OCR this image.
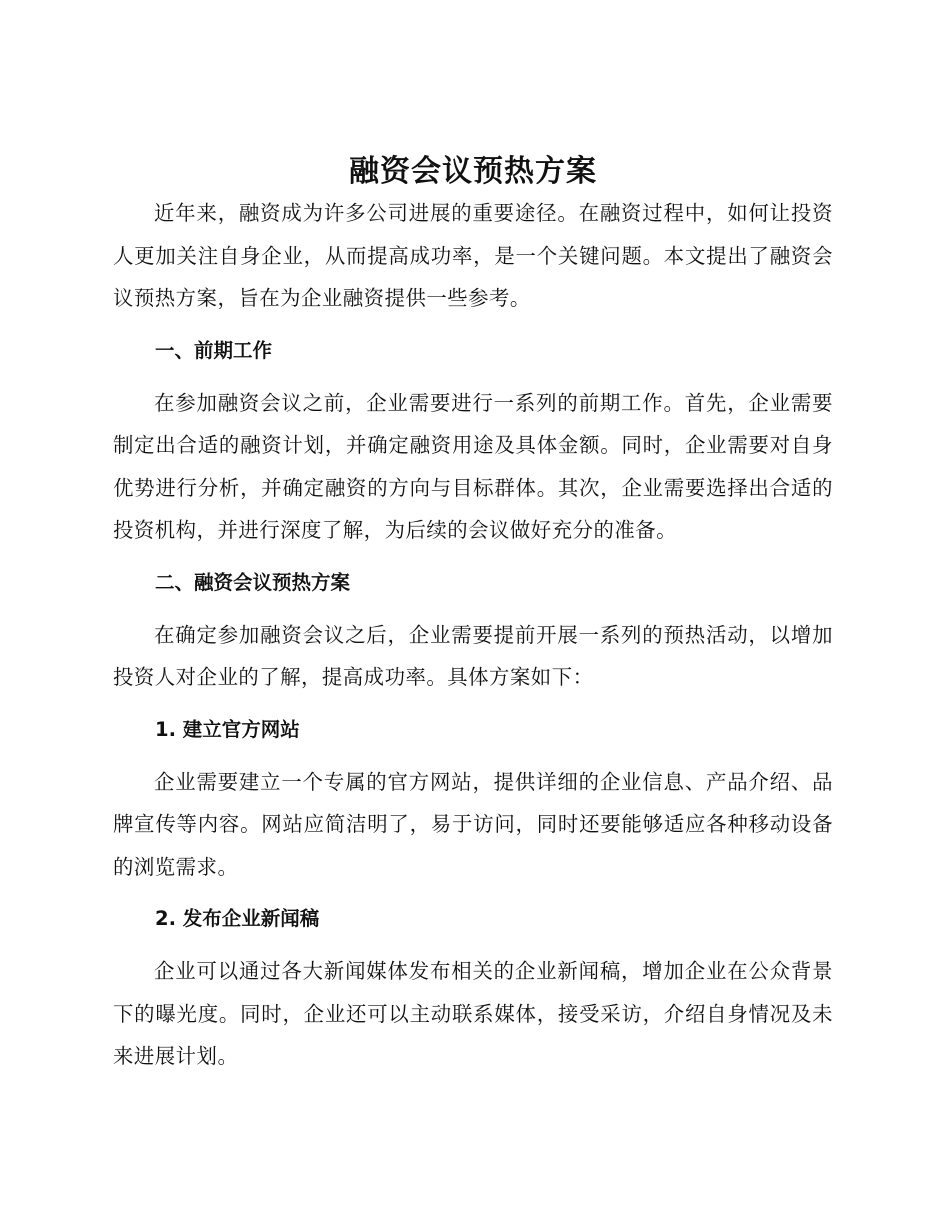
融资会议预热方案

近年来，融资成为许多公司进展的重要途径。在融资过程中，如何让投资人更加关注自身企业，从而提高成功率，是一个关键问题。本文提出了融资会议预热方案，旨在为企业融资提供一些参考。

一、前期工作

在参加融资会议之前，企业需要进行一系列的前期工作。首先，企业需要制定出合适的融资计划，并确定融资用途及具体金额。同时，企业需要对自身优势进行分析，并确定融资的方向与目标群体。其次，企业需要选择出合适的投资机构，并进行深度了解，为后续的会议做好充分的准备。

二、融资会议预热方案

在确定参加融资会议之后，企业需要提前开展一系列的预热活动，以增加投资人对企业的了解，提高成功率。具体方案如下：

1. 建立官方网站

企业需要建立一个专属的官方网站，提供详细的企业信息、产品介绍、品牌宣传等内容。网站应简洁明了，易于访问，同时还要能够适应各种移动设备的浏览需求。

2. 发布企业新闻稿

企业可以通过各大新闻媒体发布相关的企业新闻稿，增加企业在公众背景下的曝光度。同时，企业还可以主动联系媒体，接受采访，介绍自身情况及未来进展计划。
